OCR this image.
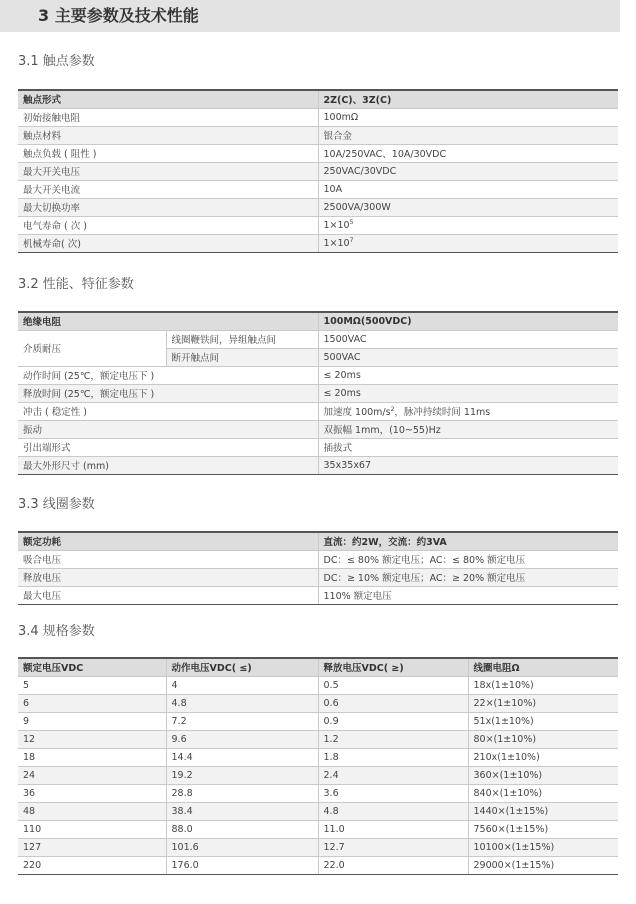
3 主要参数及技术性能
3.1 触点参数
触点形式	2Z(C)、3Z(C)
初始接触电阻	100mΩ
触点材料	银合金
触点负载 ( 阻性 )	10A/250VAC、10A/30VDC
最大开关电压	250VAC/30VDC
最大开关电流	10A
最大切换功率	2500VA/300W
电气寿命 ( 次 )	$1\times 10^5$
机械寿命( 次)	$1\times 10^7$
3.2 性能、特征参数
绝缘电阻		100MΩ(500VDC)
介质耐压	线圈鞭铁间，异组触点间	1500VAC
	断开触点间	500VAC
动作时间 (25℃，额定电压下 )		≤ 20ms
释放时间 (25℃，额定电压下 )		≤ 20ms
冲击 ( 稳定性 )		加速度 $100m/s^2$，脉冲持续时间 11ms
振动		双振幅 1mm，(10~55)Hz
引出端形式		插拔式
最大外形尺寸 (mm)		35x35x67
3.3 线圈参数
额定功耗	直流：约2W，交流：约3VA
吸合电压	DC：≤ 80% 额定电压；AC：≤ 80% 额定电压
释放电压	DC：≥ 10% 额定电压；AC：≥ 20% 额定电压
最大电压	110% 额定电压
3.4 规格参数
额定电压VDC	动作电压VDC( ≤)	释放电压VDC( ≥)	线圈电阻Ω
5	4	0.5	18x(1±10%)
6	4.8	0.6	22×(1±10%)
9	7.2	0.9	51x(1±10%)
12	9.6	1.2	80×(1±10%)
18	14.4	1.8	210x(1±10%)
24	19.2	2.4	360×(1±10%)
36	28.8	3.6	840×(1±10%)
48	38.4	4.8	1440×(1±15%)
110	88.0	11.0	7560×(1±15%)
127	101.6	12.7	10100×(1±15%)
220	176.0	22.0	29000×(1±15%)
